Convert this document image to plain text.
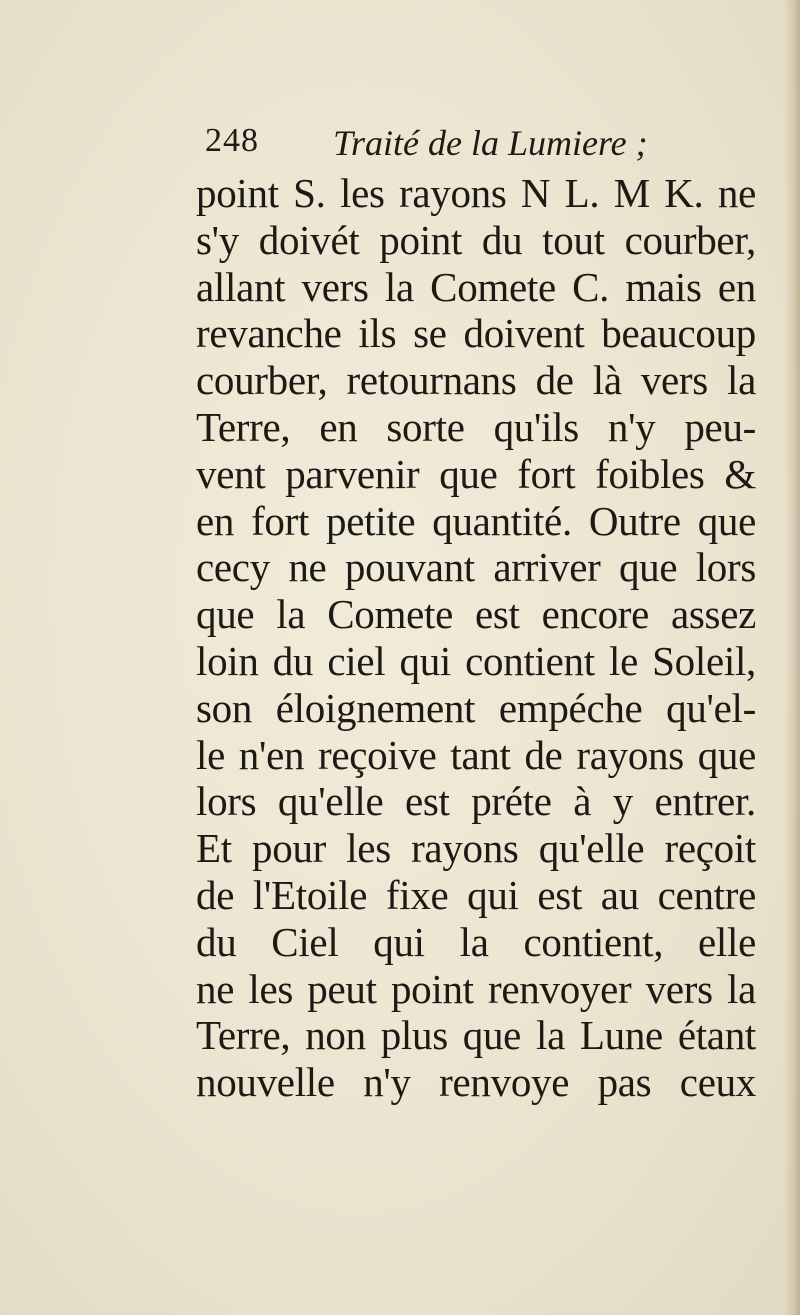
248 Traité de la Lumiere ;
point S. les rayons N L. M K. ne
s'y doivét point du tout courber,
allant vers la Comete C. mais en
revanche ils se doivent beaucoup
courber, retournans de là vers la
Terre, en sorte qu'ils n'y peu-
vent parvenir que fort foibles &
en fort petite quantité. Outre que
cecy ne pouvant arriver que lors
que la Comete est encore assez
loin du ciel qui contient le Soleil,
son éloignement empéche qu'el-
le n'en reçoive tant de rayons que
lors qu'elle est préte à y entrer.
Et pour les rayons qu'elle reçoit
de l'Etoile fixe qui est au centre
du Ciel qui la contient, elle
ne les peut point renvoyer vers la
Terre, non plus que la Lune étant
nouvelle n'y renvoye pas ceux
